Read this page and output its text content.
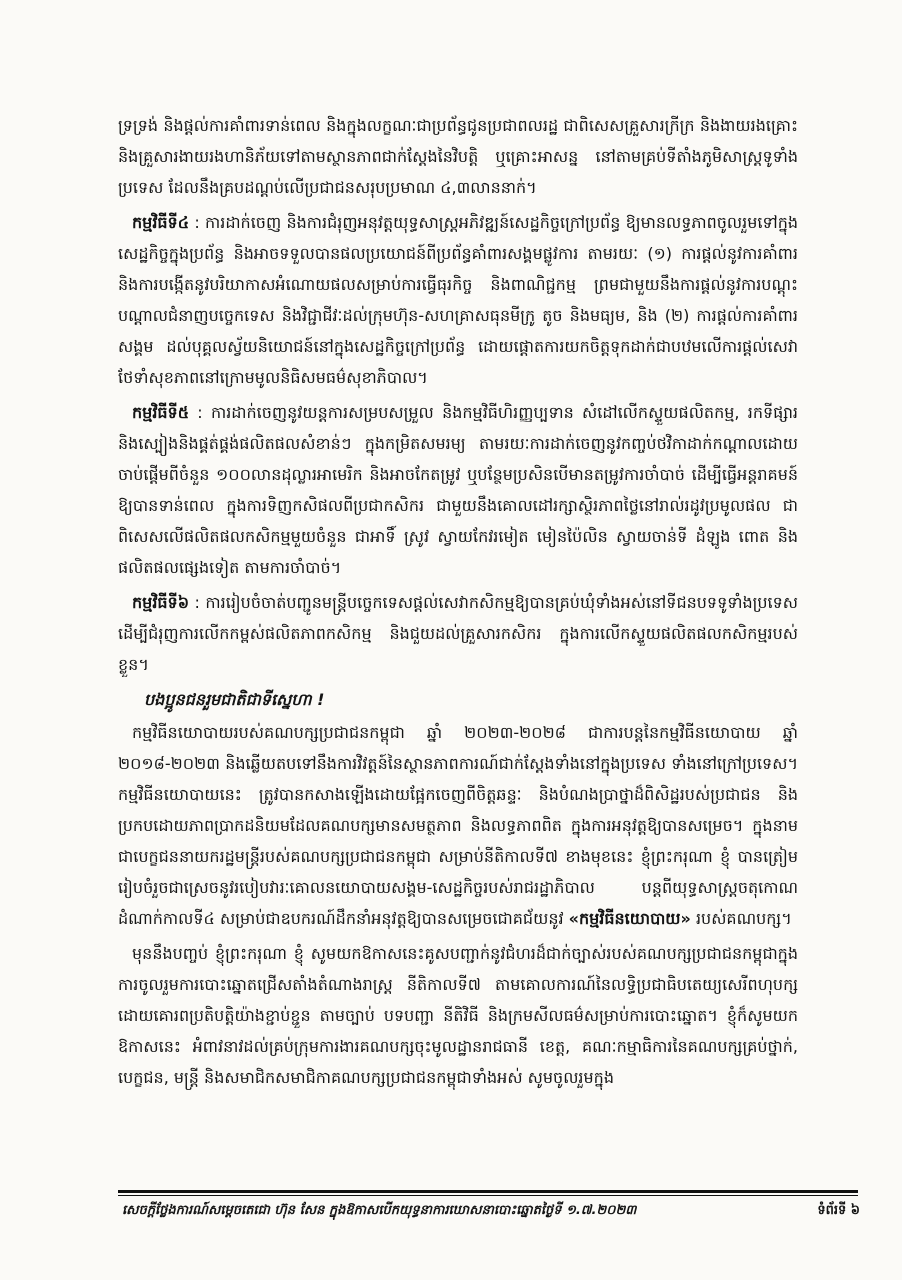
ទ្រទ្រង់ និងផ្ដល់ការគាំពារទាន់ពេល និងក្នុងលក្ខណៈជាប្រព័ន្ធជូនប្រជាពលរដ្ឋ ជាពិសេសគ្រួសារក្រីក្រ និងងាយរងគ្រោះ និងគ្រួសារងាយរងហានិភ័យទៅតាមស្ថានភាពជាក់ស្ដែងនៃវិបត្តិ ឬគ្រោះអាសន្ន នៅតាមគ្រប់ទីតាំងភូមិសាស្ត្រទូទាំងប្រទេស ដែលនឹងគ្របដណ្ដប់លើប្រជាជនសរុបប្រមាណ ៤,៣លាននាក់។

កម្មវិធីទី៤ : ការដាក់ចេញ និងការជំរុញអនុវត្តយុទ្ធសាស្ត្រអភិវឌ្ឍន៍សេដ្ឋកិច្ចក្រៅប្រព័ន្ធ ឱ្យមានលទ្ធភាពចូលរួមទៅក្នុងសេដ្ឋកិច្ចក្នុងប្រព័ន្ធ និងអាចទទួលបានផលប្រយោជន៍ពីប្រព័ន្ធគាំពារសង្គមផ្លូវការ តាមរយៈ (១) ការផ្ដល់នូវការគាំពារ និងការបង្កើតនូវបរិយាកាសអំណោយផលសម្រាប់ការធ្វើធុរកិច្ច និងពាណិជ្ជកម្ម ព្រមជាមួយនឹងការផ្ដល់នូវការបណ្ដុះបណ្ដាលជំនាញបច្ចេកទេស និងវិជ្ជាជីវៈដល់ក្រុមហ៊ុន-សហគ្រាសធុនមីក្រូ តូច និងមធ្យម, និង (២) ការផ្ដល់ការគាំពារសង្គម ដល់បុគ្គលស្វ័យនិយោជន៍នៅក្នុងសេដ្ឋកិច្ចក្រៅប្រព័ន្ធ ដោយផ្ដោតការយកចិត្តទុកដាក់ជាបឋមលើការផ្ដល់សេវាថែទាំសុខភាពនៅក្រោមមូលនិធិសមធម៌សុខាភិបាល។

កម្មវិធីទី៥ : ការដាក់ចេញនូវយន្តការសម្របសម្រួល និងកម្មវិធីហិរញ្ញប្បទាន សំដៅលើកស្ទួយផលិតកម្ម, រកទីផ្សារ និងស្បៀងនិងផ្គត់ផ្គង់ផលិតផលសំខាន់ៗ ក្នុងកម្រិតសមរម្យ តាមរយៈការដាក់ចេញនូវកញ្ចប់ថវិកាដាក់កណ្ដាលដោយចាប់ផ្ដើមពីចំនួន ១០០លានដុល្លារអាមេរិក និងអាចកែតម្រូវ ឬបន្ថែមប្រសិនបើមានតម្រូវការចាំបាច់ ដើម្បីធ្វើអន្តរាគមន៍ឱ្យបានទាន់ពេល ក្នុងការទិញកសិផលពីប្រជាកសិករ ជាមួយនឹងគោលដៅរក្សាស្ថិរភាពថ្លៃនៅរាល់រដូវប្រមូលផល ជាពិសេសលើផលិតផលកសិកម្មមួយចំនួន ជាអាទិ៍ ស្រូវ ស្វាយកែវរមៀត មៀនប៉ៃលិន ស្វាយចាន់ទី ដំឡូង ពោត និងផលិតផលផ្សេងទៀត តាមការចាំបាច់។

កម្មវិធីទី៦ : ការរៀបចំចាត់បញ្ជូនមន្ត្រីបច្ចេកទេសផ្ដល់សេវាកសិកម្មឱ្យបានគ្រប់ឃុំទាំងអស់នៅទីជនបទទូទាំងប្រទេស ដើម្បីជំរុញការលើកកម្ពស់ផលិតភាពកសិកម្ម និងជួយដល់គ្រួសារកសិករ ក្នុងការលើកស្ទួយផលិតផលកសិកម្មរបស់ខ្លួន។

បងប្អូនជនរួមជាតិជាទីស្នេហា !

កម្មវិធីនយោបាយរបស់គណបក្សប្រជាជនកម្ពុជា ឆ្នាំ ២០២៣-២០២៨ ជាការបន្តនៃកម្មវិធីនយោបាយ ឆ្នាំ ២០១៨-២០២៣ និងឆ្លើយតបទៅនឹងការវិវត្តន៍នៃស្ថានភាពការណ៍ជាក់ស្ដែងទាំងនៅក្នុងប្រទេស ទាំងនៅក្រៅប្រទេស។ កម្មវិធីនយោបាយនេះ ត្រូវបានកសាងឡើងដោយផ្អែកចេញពីចិត្តឆន្ទៈ និងបំណងប្រាថ្នាដ៏ពិសិដ្ឋរបស់ប្រជាជន និងប្រកបដោយភាពប្រាកដនិយមដែលគណបក្សមានសមត្ថភាព និងលទ្ធភាពពិត ក្នុងការអនុវត្តឱ្យបានសម្រេច។ ក្នុងនាមជាបេក្ខជននាយករដ្ឋមន្ត្រីរបស់គណបក្សប្រជាជនកម្ពុជា សម្រាប់នីតិកាលទី៧ ខាងមុខនេះ ខ្ញុំព្រះករុណា ខ្ញុំ បានត្រៀមរៀបចំរួចជាស្រេចនូវរបៀបវារៈគោលនយោបាយសង្គម-សេដ្ឋកិច្ចរបស់រាជរដ្ឋាភិបាល បន្តពីយុទ្ធសាស្ត្រចតុកោណដំណាក់កាលទី៤ សម្រាប់ជាឧបករណ៍ដឹកនាំអនុវត្តឱ្យបានសម្រេចជោគជ័យនូវ «កម្មវិធីនយោបាយ» របស់គណបក្ស។

មុននឹងបញ្ចប់ ខ្ញុំព្រះករុណា ខ្ញុំ សូមយកឱកាសនេះគូសបញ្ជាក់នូវជំហរដ៏ជាក់ច្បាស់របស់គណបក្សប្រជាជនកម្ពុជាក្នុងការចូលរួមការបោះឆ្នោតជ្រើសតាំងតំណាងរាស្ត្រ នីតិកាលទី៧ តាមគោលការណ៍នៃលទ្ធិប្រជាធិបតេយ្យសេរីពហុបក្ស ដោយគោរពប្រតិបត្តិយ៉ាងខ្ជាប់ខ្ជួន តាមច្បាប់ បទបញ្ជា នីតិវិធី និងក្រមសីលធម៌សម្រាប់ការបោះឆ្នោត។ ខ្ញុំក៏សូមយកឱកាសនេះ អំពាវនាវដល់គ្រប់ក្រុមការងារគណបក្សចុះមូលដ្ឋានរាជធានី ខេត្ត, គណៈកម្មាធិការនៃគណបក្សគ្រប់ថ្នាក់, បេក្ខជន, មន្ត្រី និងសមាជិកសមាជិកាគណបក្សប្រជាជនកម្ពុជាទាំងអស់ សូមចូលរួមក្នុង

សេចក្ដីថ្លែងការណ៍សម្ដេចតេជោ ហ៊ុន សែន ក្នុងឱកាសបើកយុទ្ធនាការឃោសនាបោះឆ្នោតថ្ងៃទី ១.៧.២០២៣	ទំព័រទី ៦
